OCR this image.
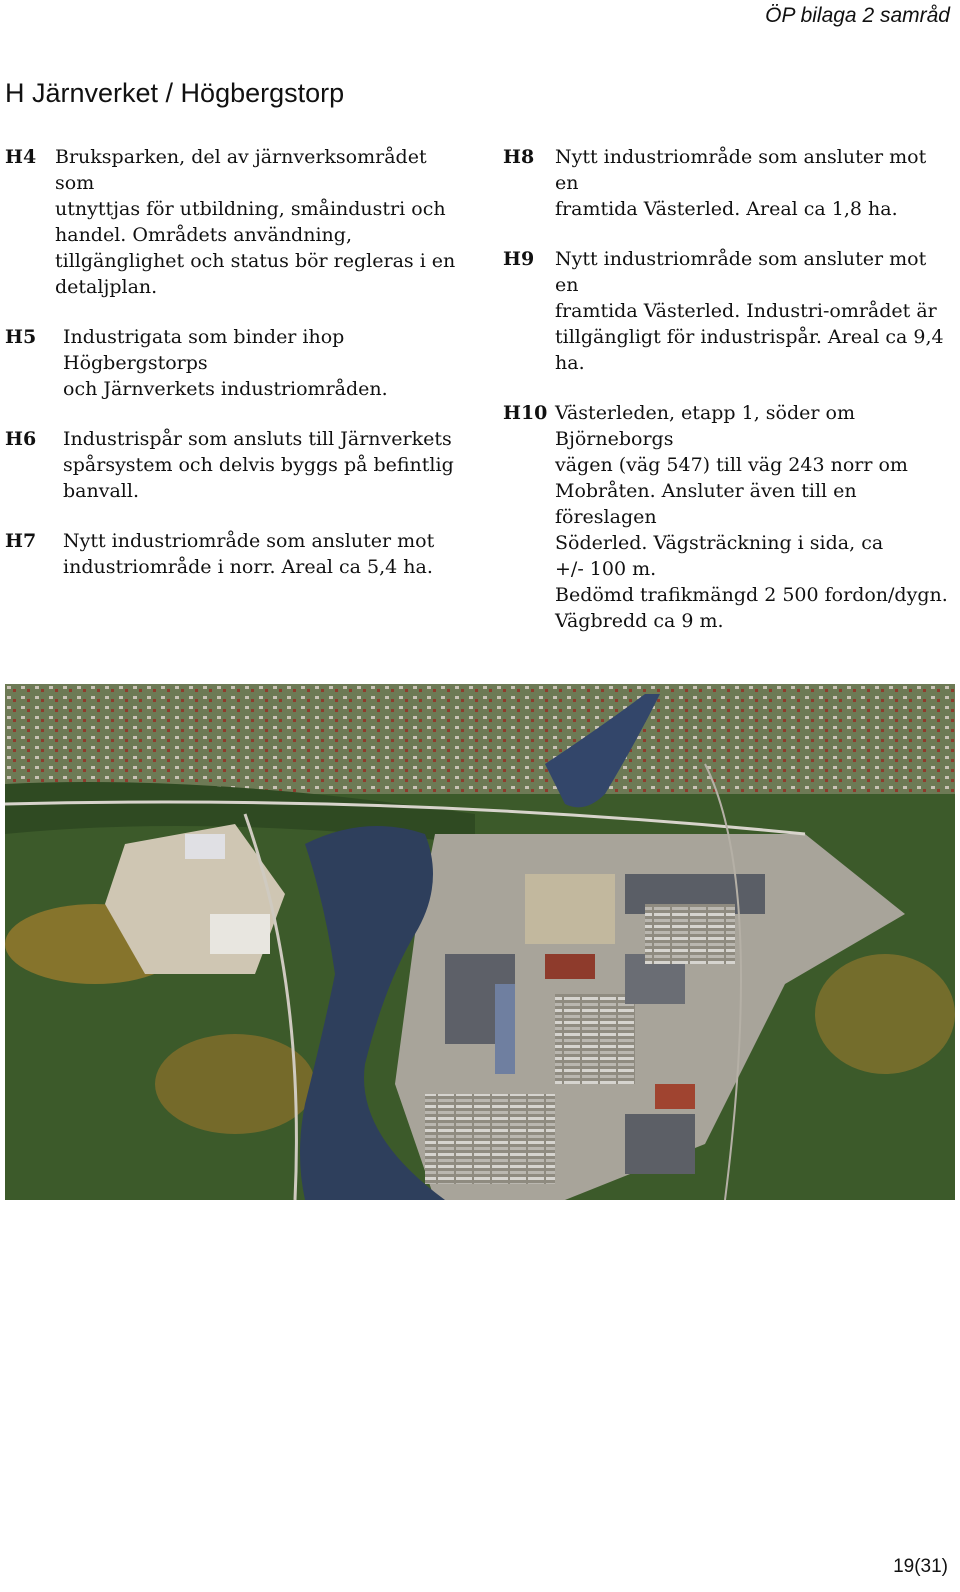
ÖP bilaga 2 samråd
H Järnverket / Högbergstorp
H4 Bruksparken, del av järnverksområdet som
utnyttjas för utbildning, småindustri och
handel. Områdets användning,
tillgänglighet och status bör regleras i en
detaljplan.
H5	Industrigata som binder ihop Högbergstorps
och Järnverkets industriområden.
H6	Industrispår som ansluts till Järnverkets
spårsystem och delvis byggs på befintlig
banvall.
H7	Nytt industriområde som ansluter mot
industriområde i norr. Areal ca 5,4 ha.
H8	Nytt industriområde som ansluter mot en
framtida Västerled. Areal ca 1,8 ha.
H9	Nytt industriområde som ansluter mot en
framtida Västerled. Industri-området är
tillgängligt för industrispår. Areal ca 9,4 ha.
H10 Västerleden, etapp 1, söder om Björneborgs
vägen (väg 547) till väg 243 norr om
Mobråten. Ansluter även till en föreslagen
Söderled. Vägsträckning i sida, ca
+/- 100 m.
Bedömd trafikmängd 2 500 fordon/dygn.
Vägbredd ca 9 m.
19(31)
